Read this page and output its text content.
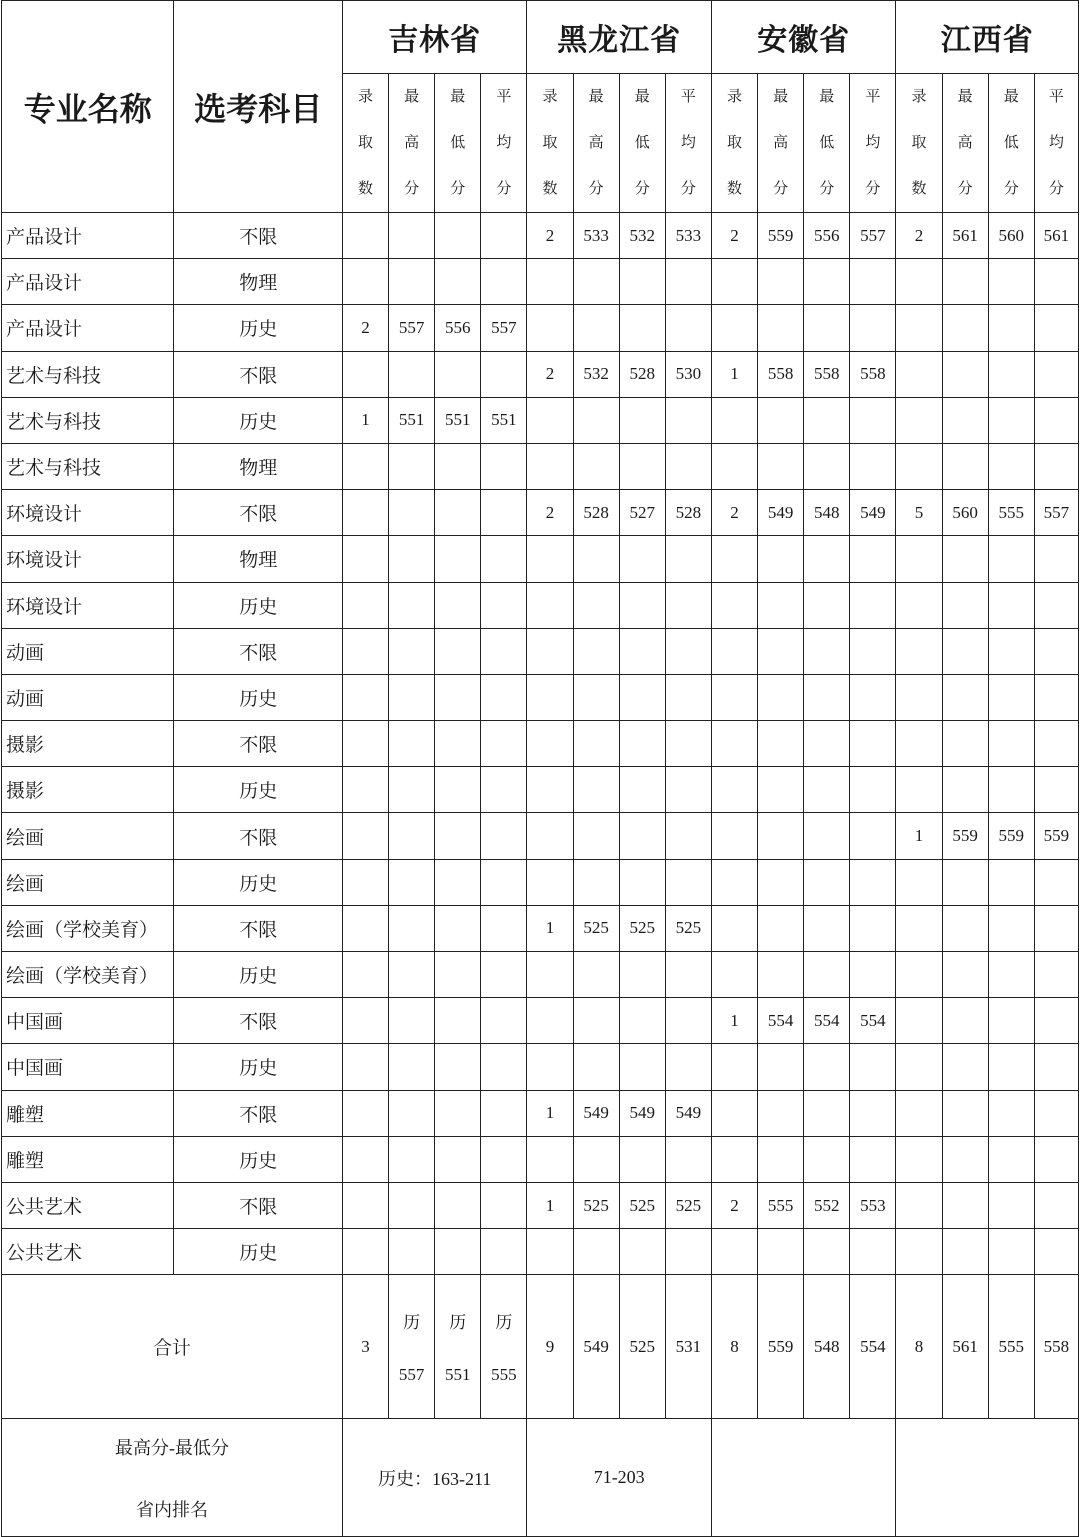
专业名称	选考科目	吉林省				黑龙江省				安徽省				江西省			

		录
取
数	最
高
分	最
低
分	平
均
分	录
取
数	最
高
分	最
低
分	平
均
分	录
取
数	最
高
分	最
低
分	平
均
分	录
取
数	最
高
分	最
低
分	平
均
分

产品设计	不限					2	533	532	533	2	559	556	557	2	561	560	561
产品设计	物理																
产品设计	历史	2	557	556	557												
艺术与科技	不限					2	532	528	530	1	558	558	558				
艺术与科技	历史	1	551	551	551												
艺术与科技	物理																
环境设计	不限					2	528	527	528	2	549	548	549	5	560	555	557
环境设计	物理																
环境设计	历史																
动画	不限																
动画	历史																
摄影	不限																
摄影	历史																
绘画	不限													1	559	559	559
绘画	历史																
绘画（学校美育）	不限					1	525	525	525								
绘画（学校美育）	历史																
中国画	不限									1	554	554	554				
中国画	历史																
雕塑	不限					1	549	549	549								
雕塑	历史																
公共艺术	不限					1	525	525	525	2	555	552	553				
公共艺术	历史																
合计		3	历
557	历
551	历
555	9	549	525	531	8	559	548	554	8	561	555	558

最高分-最低分
省内排名		历史：163-211				71-203											
